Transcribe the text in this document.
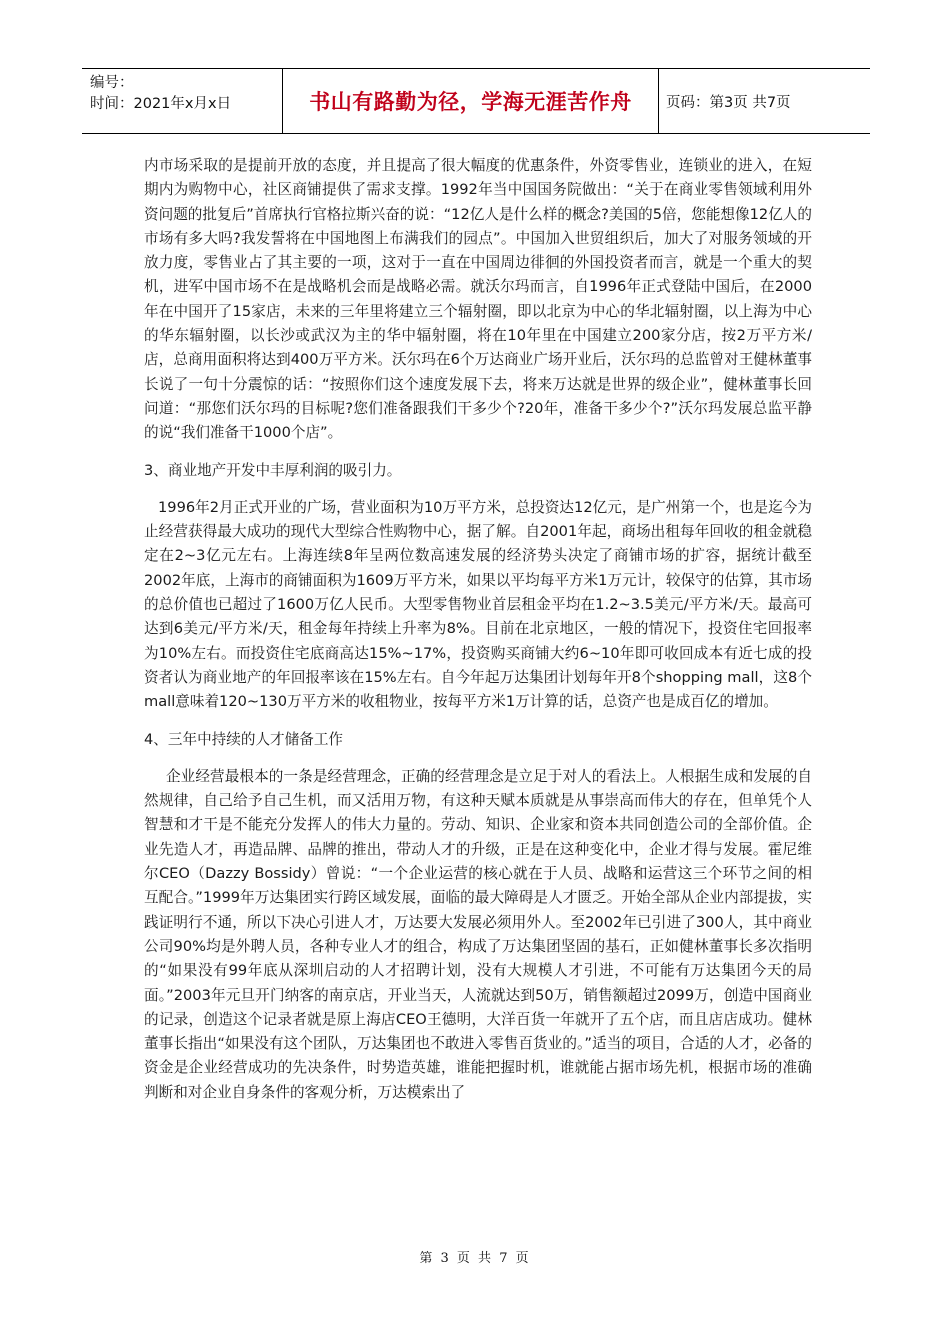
编号：
时间：2021年x月x日	书山有路勤为径，学海无涯苦作舟	页码：第3页 共7页

内市场采取的是提前开放的态度，并且提高了很大幅度的优惠条件，外资零售业，连锁业的进入，在短期内为购物中心，社区商铺提供了需求支撑。1992年当中国国务院做出：“关于在商业零售领域利用外资问题的批复后”首席执行官格拉斯兴奋的说：“12亿人是什么样的概念?美国的5倍，您能想像12亿人的市场有多大吗?我发誓将在中国地图上布满我们的园点”。中国加入世贸组织后，加大了对服务领域的开放力度，零售业占了其主要的一项，这对于一直在中国周边徘徊的外国投资者而言，就是一个重大的契机，进军中国市场不在是战略机会而是战略必需。就沃尔玛而言，自1996年正式登陆中国后，在2000年在中国开了15家店，未来的三年里将建立三个辐射圈，即以北京为中心的华北辐射圈，以上海为中心的华东辐射圈，以长沙或武汉为主的华中辐射圈，将在10年里在中国建立200家分店，按2万平方米/店，总商用面积将达到400万平方米。沃尔玛在6个万达商业广场开业后，沃尔玛的总监曾对王健林董事长说了一句十分震惊的话：“按照你们这个速度发展下去，将来万达就是世界的级企业”，健林董事长回问道：“那您们沃尔玛的目标呢?您们准备跟我们干多少个?20年，准备干多少个?”沃尔玛发展总监平静的说“我们准备干1000个店”。

3、商业地产开发中丰厚利润的吸引力。

1996年2月正式开业的广场，营业面积为10万平方米，总投资达12亿元，是广州第一个，也是迄今为止经营获得最大成功的现代大型综合性购物中心，据了解。自2001年起，商场出租每年回收的租金就稳定在2~3亿元左右。上海连续8年呈两位数高速发展的经济势头决定了商铺市场的扩容，据统计截至2002年底，上海市的商铺面积为1609万平方米，如果以平均每平方米1万元计，较保守的估算，其市场的总价值也已超过了1600万亿人民币。大型零售物业首层租金平均在1.2~3.5美元/平方米/天。最高可达到6美元/平方米/天，租金每年持续上升率为8%。目前在北京地区，一般的情况下，投资住宅回报率为10%左右。而投资住宅底商高达15%~17%，投资购买商铺大约6~10年即可收回成本有近七成的投资者认为商业地产的年回报率该在15%左右。自今年起万达集团计划每年开8个shopping mall，这8个mall意味着120~130万平方米的收租物业，按每平方米1万计算的话，总资产也是成百亿的增加。

4、三年中持续的人才储备工作

企业经营最根本的一条是经营理念，正确的经营理念是立足于对人的看法上。人根据生成和发展的自然规律，自己给予自己生机，而又活用万物，有这种天赋本质就是从事崇高而伟大的存在，但单凭个人智慧和才干是不能充分发挥人的伟大力量的。劳动、知识、企业家和资本共同创造公司的全部价值。企业先造人才，再造品牌、品牌的推出，带动人才的升级，正是在这种变化中，企业才得与发展。霍尼维尔CEO（Dazzy Bossidy）曾说：“一个企业运营的核心就在于人员、战略和运营这三个环节之间的相互配合。”1999年万达集团实行跨区域发展，面临的最大障碍是人才匮乏。开始全部从企业内部提拔，实践证明行不通，所以下决心引进人才，万达要大发展必须用外人。至2002年已引进了300人，其中商业公司90%均是外聘人员，各种专业人才的组合，构成了万达集团坚固的基石，正如健林董事长多次指明的“如果没有99年底从深圳启动的人才招聘计划，没有大规模人才引进，不可能有万达集团今天的局面。”2003年元旦开门纳客的南京店，开业当天，人流就达到50万，销售额超过2099万，创造中国商业的记录，创造这个记录者就是原上海店CEO王德明，大洋百货一年就开了五个店，而且店店成功。健林董事长指出“如果没有这个团队，万达集团也不敢进入零售百货业的。”适当的项目，合适的人才，必备的资金是企业经营成功的先决条件，时势造英雄，谁能把握时机，谁就能占据市场先机，根据市场的准确判断和对企业自身条件的客观分析，万达模索出了

第 3 页 共 7 页
